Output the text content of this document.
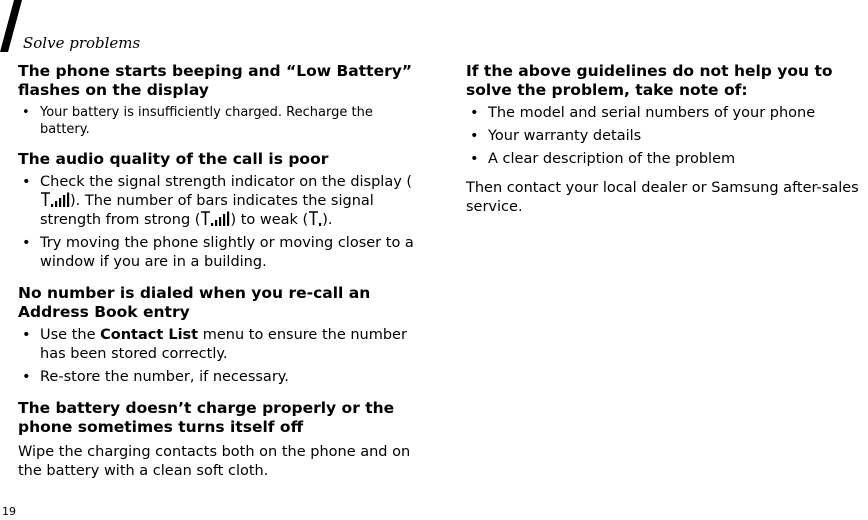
Solve problems
The phone starts beeping and “Low Battery” flashes on the display
• Your battery is insufficiently charged. Recharge the battery.
The audio quality of the call is poor
• Check the signal strength indicator on the display (). The number of bars indicates the signal strength from strong ( ) to weak ( ).
• Try moving the phone slightly or moving closer to a window if you are in a building.
No number is dialed when you re-call an Address Book entry
• Use the Contact List menu to ensure the number has been stored correctly.
• Re-store the number, if necessary.
The battery doesn’t charge properly or the phone sometimes turns itself off

Wipe the charging contacts both on the phone and on the battery with a clean soft cloth.

If the above guidelines do not help you to solve the problem, take note of:
• The model and serial numbers of your phone
• Your warranty details
• A clear description of the problem

Then contact your local dealer or Samsung after-sales service.

19
